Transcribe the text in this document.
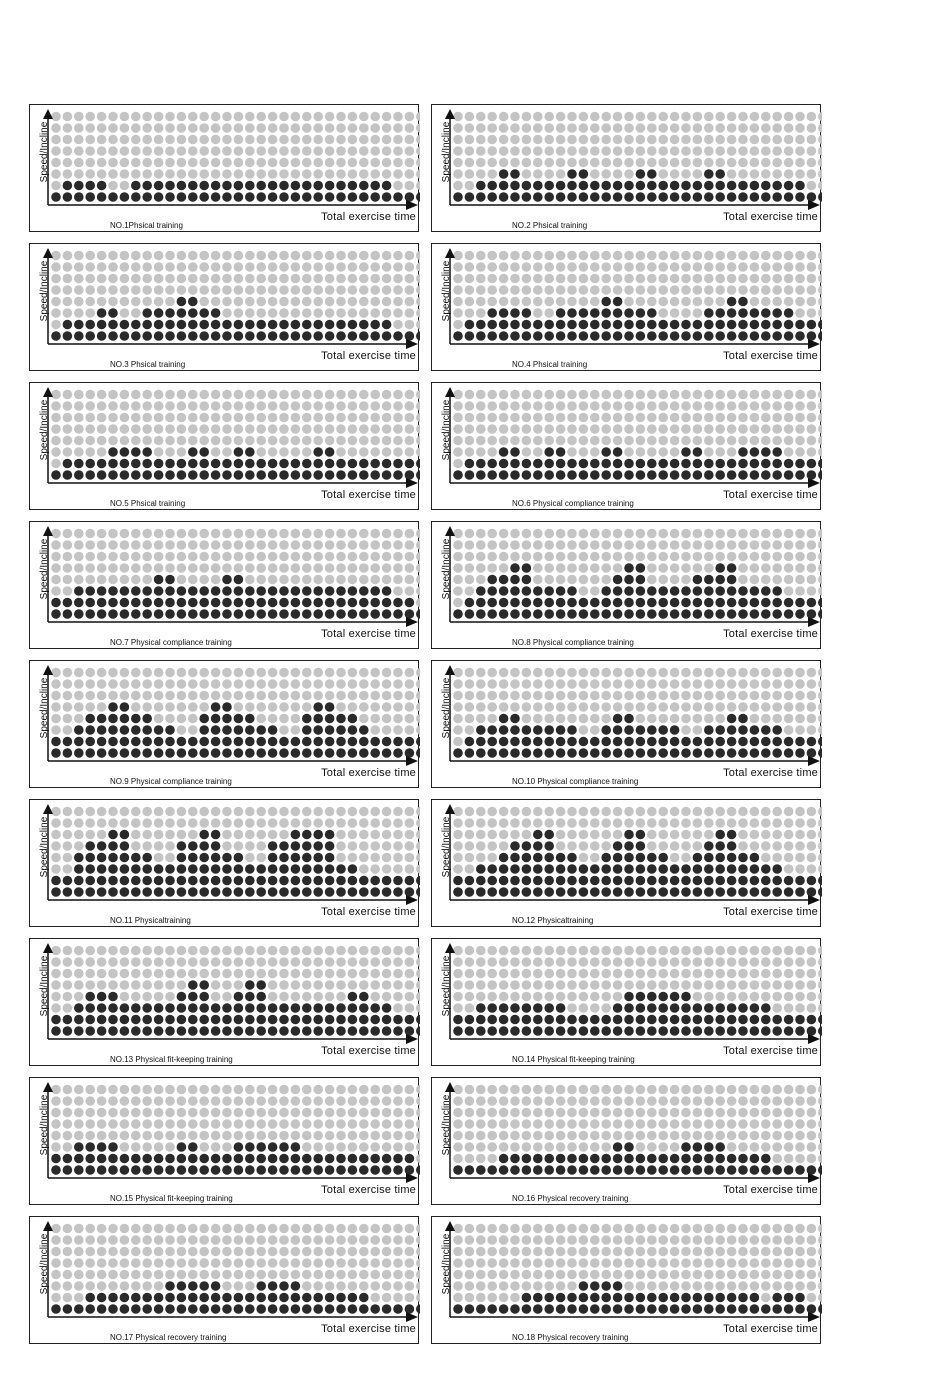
Speed/Incline
Total exercise time
NO.1Phsical training
Speed/Incline
Total exercise time
NO.2 Phsical training
Speed/Incline
Total exercise time
NO.3 Phsical training
Speed/Incline
Total exercise time
NO.4 Phsical training
Speed/Incline
Total exercise time
NO.5 Phsical training
Speed/Incline
Total exercise time
NO.6 Physical compliance training
Speed/Incline
Total exercise time
NO.7 Physical compliance training
Speed/Incline
Total exercise time
NO.8 Physical compliance training
Speed/Incline
Total exercise time
NO.9 Physical compliance training
Speed/Incline
Total exercise time
NO.10 Physical compliance training
Speed/Incline
Total exercise time
NO.11 Physicaltraining
Speed/Incline
Total exercise time
NO.12 Physicaltraining
Speed/Incline
Total exercise time
NO.13 Physical fit-keeping training
Speed/Incline
Total exercise time
NO.14 Physical fit-keeping training
Speed/Incline
Total exercise time
NO.15 Physical fit-keeping training
Speed/Incline
Total exercise time
NO.16 Physical recovery training
Speed/Incline
Total exercise time
NO.17 Physical recovery training
Speed/Incline
Total exercise time
NO.18 Physical recovery training
